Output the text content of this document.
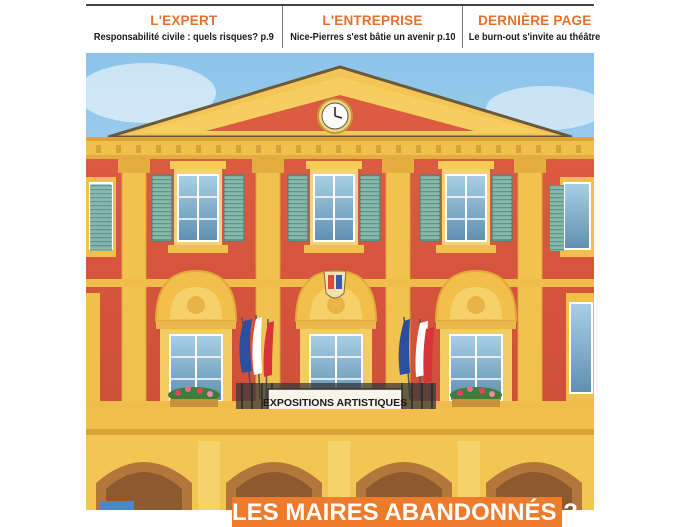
L'EXPERT
Responsabilité civile : quels risques? p.9
L'ENTREPRISE
Nice-Pierres s'est bâtie un avenir p.10
DERNIÈRE PAGE
Le burn-out s'invite au théâtre
EXPOSITIONS ARTISTIQUES
LES MAIRES ABANDONNÉS ?
